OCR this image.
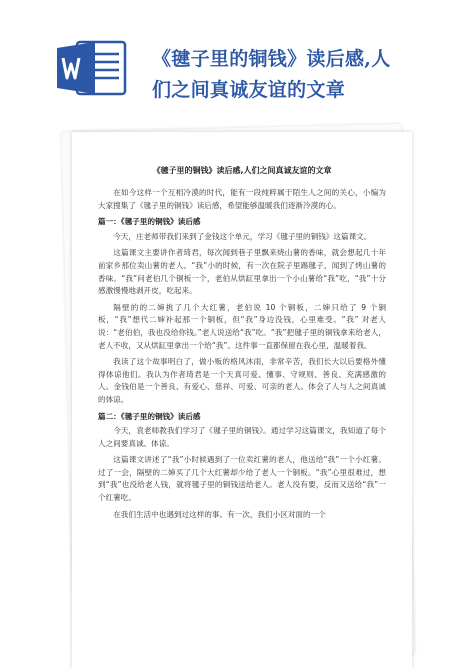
《毽子里的铜钱》读后感,人
们之间真诚友谊的文章
《毽子里的铜钱》读后感,人们之间真诚友谊的文章

在如今这样一个互相冷漠的时代，能有一段纯粹属于陌生人之间的关心，小编为大家搜集了《毽子里的铜钱》读后感，希望能够温暖我们逐渐冷漠的心。

篇一：《毽子里的铜钱》读后感

今天，庄老师带我们来到了金钱这个单元，学习《毽子里的铜钱》这篇课文。

这篇课文主要讲作者琦君，每次闻到巷子里飘来烧山薯的香味，就会想起几十年前家乡那位卖山薯的老人。“我”小的时候，有一次在院子里踢毽子，闻到了烤山薯的香味。“我”问老伯几个铜板一个，老伯从烘缸里拿出一个小山薯给“我”吃，“我”十分感激慢慢地剥开皮，吃起来。

隔壁的的二婶挑了几个大红薯，老伯说 10 个铜板，二婶只给了 9 个铜板，“我”想代二婶补起那一个铜板，但“我”身边没钱，心里难受。“我” 对老人说：“老伯伯，我也没给你钱。”老人说送给“我”吃。“我”把毽子里的铜钱拿来给老人，老人不收，又从烘缸里拿出一个给“我”。这件事一直都保留在我心里，温暖着我。

我读了这个故事明白了，做小贩的格风沐雨，非常辛苦，我们长大以后要格外懂得体谅他们。我认为作者琦君是一个天真可爱、懂事、守规则、善良、充满感激的人。金钱伯是一个善良、有爱心、慈祥、可爱、可亲的老人。体会了人与人之间真诚的体谅。

篇二：《毽子里的铜钱》读后感

今天，袁老师教我们学习了《毽子里的铜钱》。通过学习这篇课文，我知道了每个人之间要真诚、体谅。

这篇课文讲述了“我”小时候遇到了一位卖红薯的老人，他送给“我”一个小红薯。过了一会，隔壁的二婶买了几个大红薯却少给了老人一个铜板。“我”心里很难过，想到“我”也没给老人钱，就将毽子里的铜钱送给老人。老人没有要，反而又送给“我”一个红薯吃。

在我们生活中也遇到过这样的事。有一次，我们小区对面的一个
